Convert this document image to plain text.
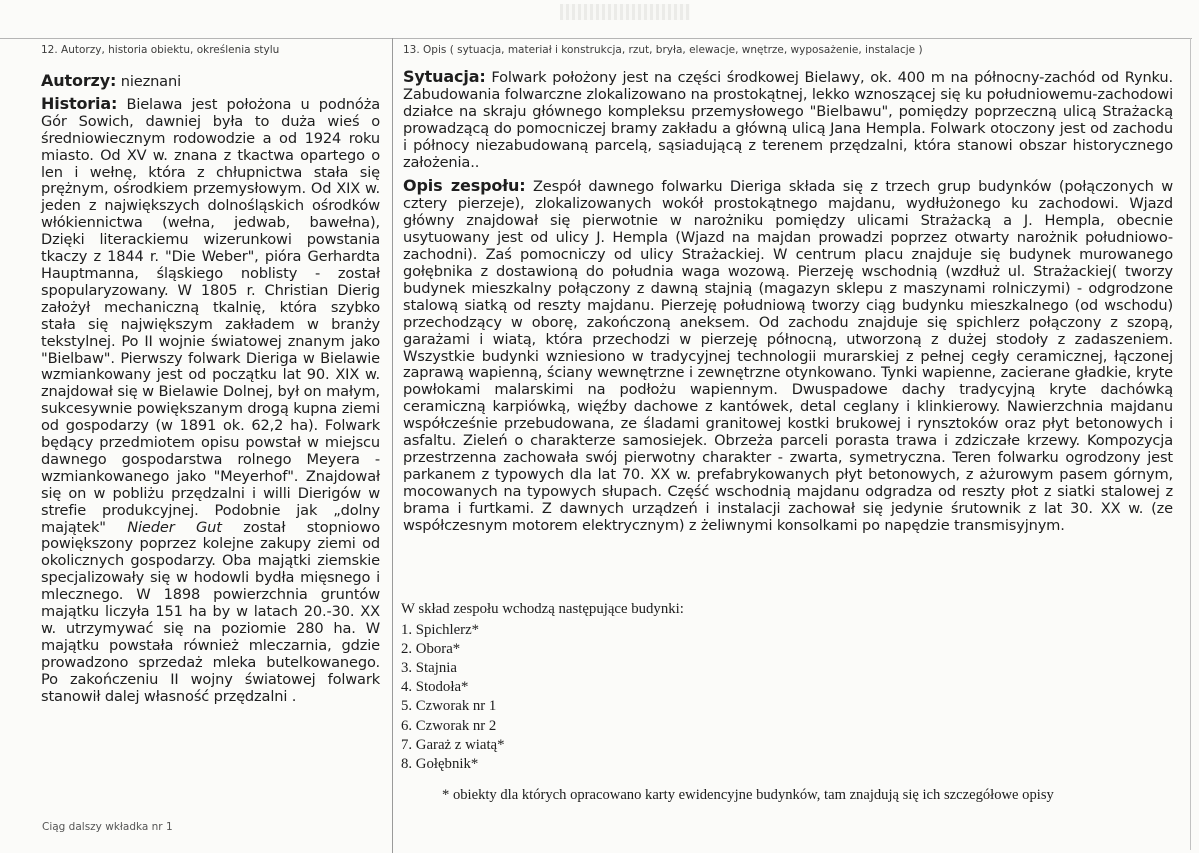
12. Autorzy, historia obiektu, określenia stylu

Autorzy: nieznani

Historia: Bielawa jest położona u podnóża Gór Sowich, dawniej była to duża wieś o średniowiecznym rodowodzie a od 1924 roku miasto. Od XV w. znana z tkactwa opartego o len i wełnę, która z chłupnictwa stała się prężnym, ośrodkiem przemysłowym. Od XIX w. jeden z największych dolnośląskich ośrodków włókiennictwa (wełna, jedwab, bawełna), Dzięki literackiemu wizerunkowi powstania tkaczy z 1844 r. "Die Weber", pióra Gerhardta Hauptmanna, śląskiego noblisty - został spopularyzowany. W 1805 r. Christian Dierig założył mechaniczną tkalnię, która szybko stała się największym zakładem w branży tekstylnej. Po II wojnie światowej znanym jako "Bielbaw". Pierwszy folwark Dieriga w Bielawie wzmiankowany jest od początku lat 90. XIX w. znajdował się w Bielawie Dolnej, był on małym, sukcesywnie powiększanym drogą kupna ziemi od gospodarzy (w 1891 ok. 62,2 ha). Folwark będący przedmiotem opisu powstał w miejscu dawnego gospodarstwa rolnego Meyera - wzmiankowanego jako "Meyerhof". Znajdował się on w pobliżu przędzalni i willi Dierigów w strefie produkcyjnej. Podobnie jak „dolny majątek" Nieder Gut został stopniowo powiększony poprzez kolejne zakupy ziemi od okolicznych gospodarzy. Oba majątki ziemskie specjalizowały się w hodowli bydła mięsnego i mlecznego. W 1898 powierzchnia gruntów majątku liczyła 151 ha by w latach 20.-30. XX w. utrzymywać się na poziomie 280 ha. W majątku powstała również mleczarnia, gdzie prowadzono sprzedaż mleka butelkowanego. Po zakończeniu II wojny światowej folwark stanowił dalej własność przędzalni .

Ciąg dalszy wkładka nr 1
13. Opis ( sytuacja, materiał i konstrukcja, rzut, bryła, elewacje, wnętrze, wyposażenie, instalacje )

Sytuacja: Folwark położony jest na części środkowej Bielawy, ok. 400 m na północny-zachód od Rynku. Zabudowania folwarczne zlokalizowano na prostokątnej, lekko wznoszącej się ku południowemu-zachodowi działce na skraju głównego kompleksu przemysłowego "Bielbawu", pomiędzy poprzeczną ulicą Strażacką prowadzącą do pomocniczej bramy zakładu a główną ulicą Jana Hempla. Folwark otoczony jest od zachodu i północy niezabudowaną parcelą, sąsiadującą z terenem przędzalni, która stanowi obszar historycznego założenia..

Opis zespołu: Zespół dawnego folwarku Dieriga składa się z trzech grup budynków (połączonych w cztery pierzeje), zlokalizowanych wokół prostokątnego majdanu, wydłużonego ku zachodowi. Wjazd główny znajdował się pierwotnie w narożniku pomiędzy ulicami Strażacką a J. Hempla, obecnie usytuowany jest od ulicy J. Hempla (Wjazd na majdan prowadzi poprzez otwarty narożnik południowo-zachodni). Zaś pomocniczy od ulicy Strażackiej. W centrum placu znajduje się budynek murowanego gołębnika z dostawioną do południa waga wozową. Pierzeję wschodnią (wzdłuż ul. Strażackiej( tworzy budynek mieszkalny połączony z dawną stajnią (magazyn sklepu z maszynami rolniczymi) - odgrodzone stalową siatką od reszty majdanu. Pierzeję południową tworzy ciąg budynku mieszkalnego (od wschodu) przechodzący w oborę, zakończoną aneksem. Od zachodu znajduje się spichlerz połączony z szopą, garażami i wiatą, która przechodzi w pierzeję północną, utworzoną z dużej stodoły z zadaszeniem. Wszystkie budynki wzniesiono w tradycyjnej technologii murarskiej z pełnej cegły ceramicznej, łączonej zaprawą wapienną, ściany wewnętrzne i zewnętrzne otynkowano. Tynki wapienne, zacierane gładkie, kryte powłokami malarskimi na podłożu wapiennym. Dwuspadowe dachy tradycyjną kryte dachówką ceramiczną karpiówką, więźby dachowe z kantówek, detal ceglany i klinkierowy. Nawierzchnia majdanu współcześnie przebudowana, ze śladami granitowej kostki brukowej i rynsztoków oraz płyt betonowych i asfaltu. Zieleń o charakterze samosiejek. Obrzeża parceli porasta trawa i zdziczałe krzewy. Kompozycja przestrzenna zachowała swój pierwotny charakter - zwarta, symetryczna. Teren folwarku ogrodzony jest parkanem z typowych dla lat 70. XX w. prefabrykowanych płyt betonowych, z ażurowym pasem górnym, mocowanych na typowych słupach. Część wschodnią majdanu odgradza od reszty płot z siatki stalowej z brama i furtkami. Z dawnych urządzeń i instalacji zachował się jedynie śrutownik z lat 30. XX w. (ze współczesnym motorem elektrycznym) z żeliwnymi konsolkami po napędzie transmisyjnym.

W skład zespołu wchodzą następujące budynki:

1. Spichlerz*
2. Obora*
3. Stajnia
4. Stodoła*
5. Czworak nr 1
6. Czworak nr 2
7. Garaż z wiatą*
8. Gołębnik*
* obiekty dla których opracowano karty ewidencyjne budynków, tam znajdują się ich szczegółowe opisy
